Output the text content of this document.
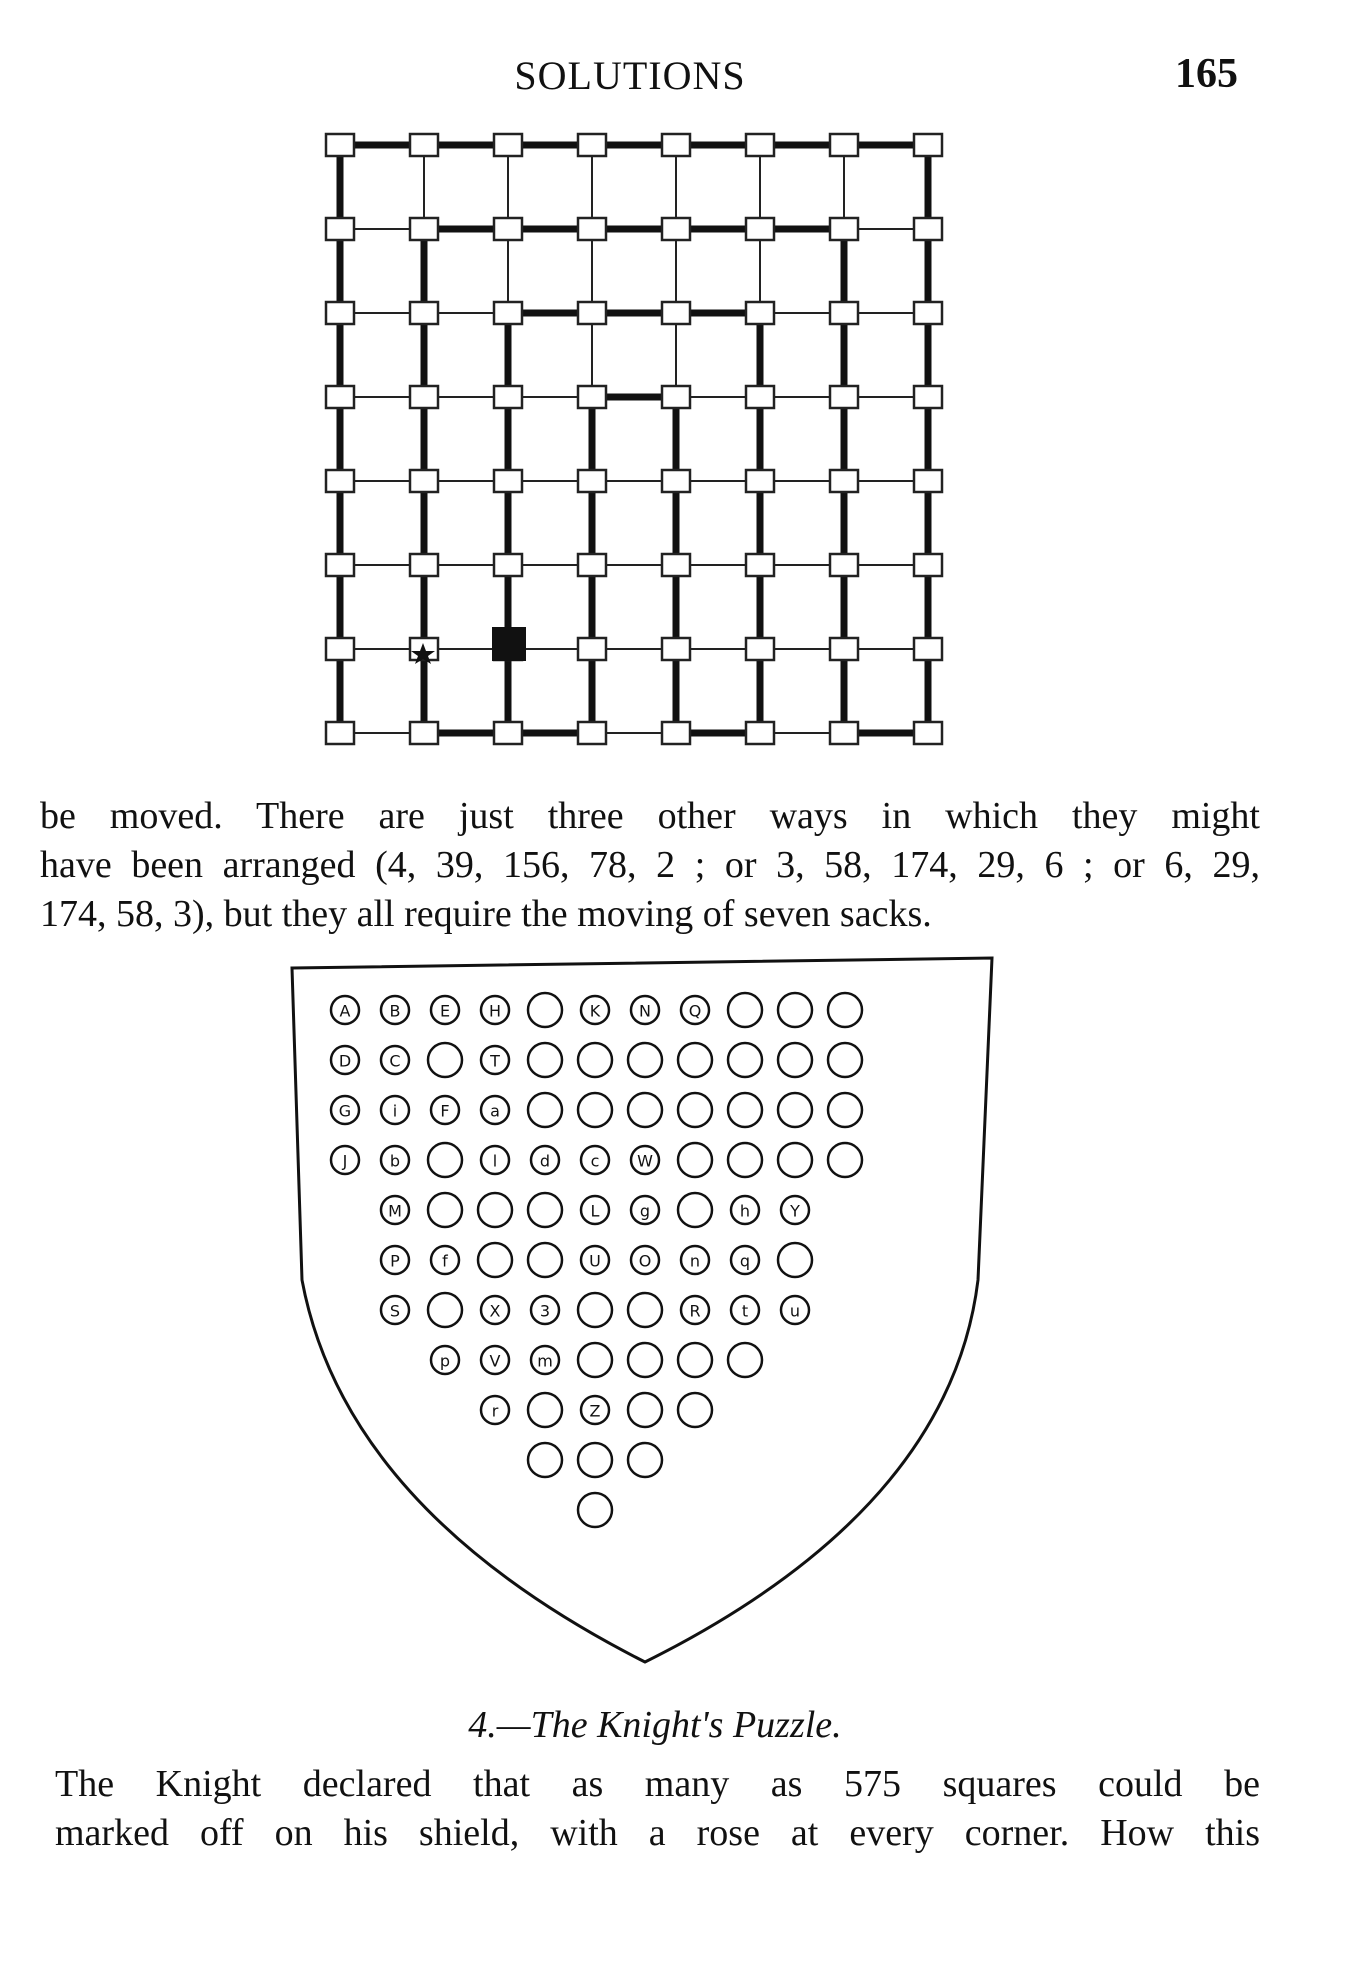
SOLUTIONS	165
be moved. There are just three other ways in which they might
have been arranged (4, 39, 156, 78, 2 ; or 3, 58, 174, 29, 6 ; or 6, 29,
174, 58, 3), but they all require the moving of seven sacks.
A B E H	K N Q
D C	T
G	i	F	a
J	b	l	d	c W
M	L	g	h	Y
P	f	U O n q
S	X 3	R	t	u
p V m
r	Z
4.—The Knight's Puzzle.
The Knight declared that as many as 575 squares could be
marked off on his shield, with a rose at every corner. How this
